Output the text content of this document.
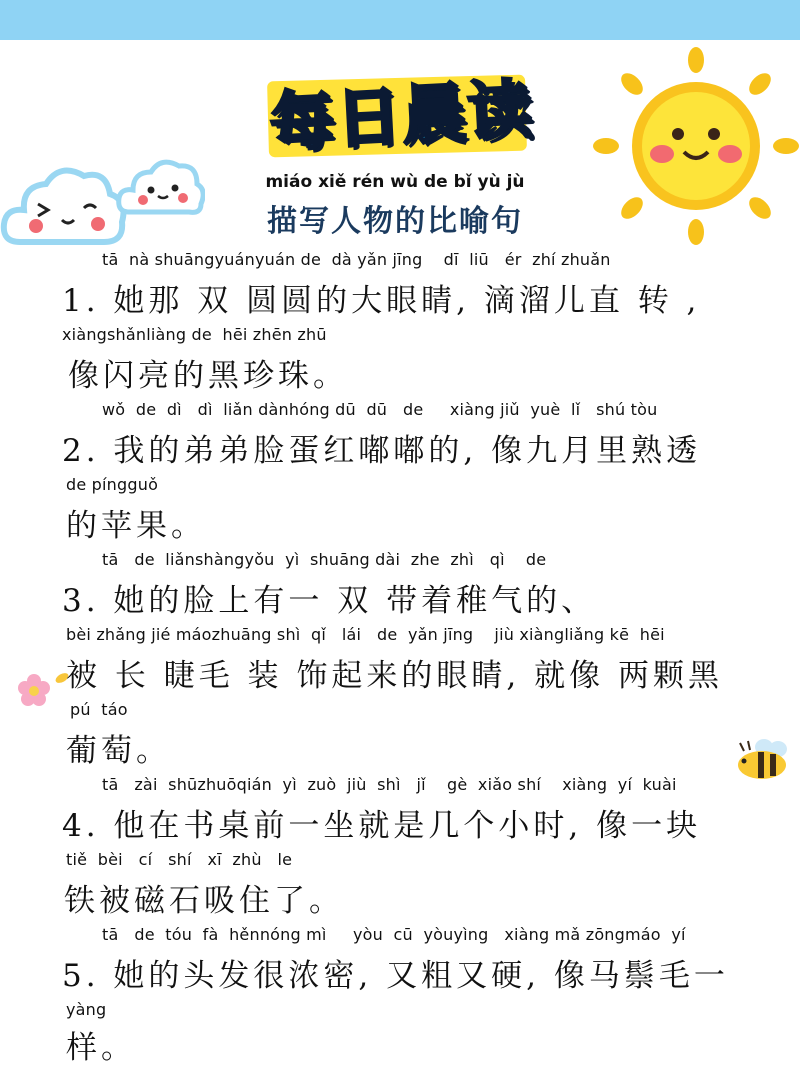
每日晨读
miáo xiě rén wù de bǐ yù jù
描写人物的比喻句
tā  nà shuāngyuányuán de  dà yǎn jīng    dī  liū   ér  zhí zhuǎn
1. 她那 双 圆圆的大眼睛, 滴溜儿直 转 ,
xiàngshǎnliàng de  hēi zhēn zhū
像闪亮的黑珍珠。
wǒ  de  dì   dì  liǎn dànhóng dū  dū   de     xiàng jiǔ  yuè  lǐ   shú tòu
2. 我的弟弟脸蛋红嘟嘟的, 像九月里熟透
de píngguǒ
的苹果。
tā   de  liǎnshàngyǒu  yì  shuāng dài  zhe  zhì   qì    de
3. 她的脸上有一 双 带着稚气的、
bèi zhǎng jié máozhuāng shì  qǐ   lái   de  yǎn jīng    jiù xiàngliǎng kē  hēi
被 长 睫毛 装 饰起来的眼睛, 就像 两颗黑
pú  táo
葡萄。
tā   zài  shūzhuōqián  yì  zuò  jiù  shì   jǐ    gè  xiǎo shí    xiàng  yí  kuài
4. 他在书桌前一坐就是几个小时, 像一块
tiě  bèi   cí   shí   xī  zhù   le
铁被磁石吸住了。
tā   de  tóu  fà  hěnnóng mì     yòu  cū  yòuyìng   xiàng mǎ zōngmáo  yí
5. 她的头发很浓密, 又粗又硬, 像马鬃毛一
yàng
样。
